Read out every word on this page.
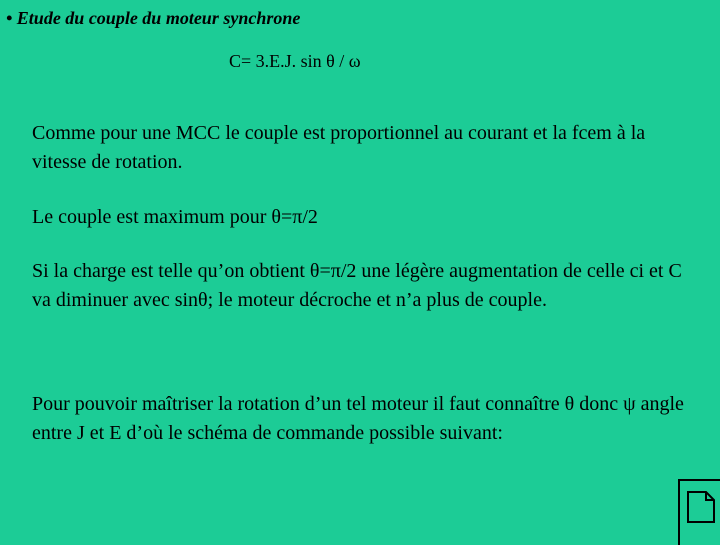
• Etude du couple du moteur synchrone
C= 3.E.J. sin θ / ω
Comme pour une MCC le couple est proportionnel au courant et la fcem à la vitesse de rotation.
Le couple est maximum pour θ=π/2
Si la charge est telle qu’on obtient θ=π/2 une légère augmentation de celle ci et C va diminuer avec sinθ; le moteur décroche et n’a plus de couple.
Pour pouvoir maîtriser la rotation d’un tel moteur il faut connaître θ donc ψ angle entre J et E d’où le schéma de commande possible suivant:
